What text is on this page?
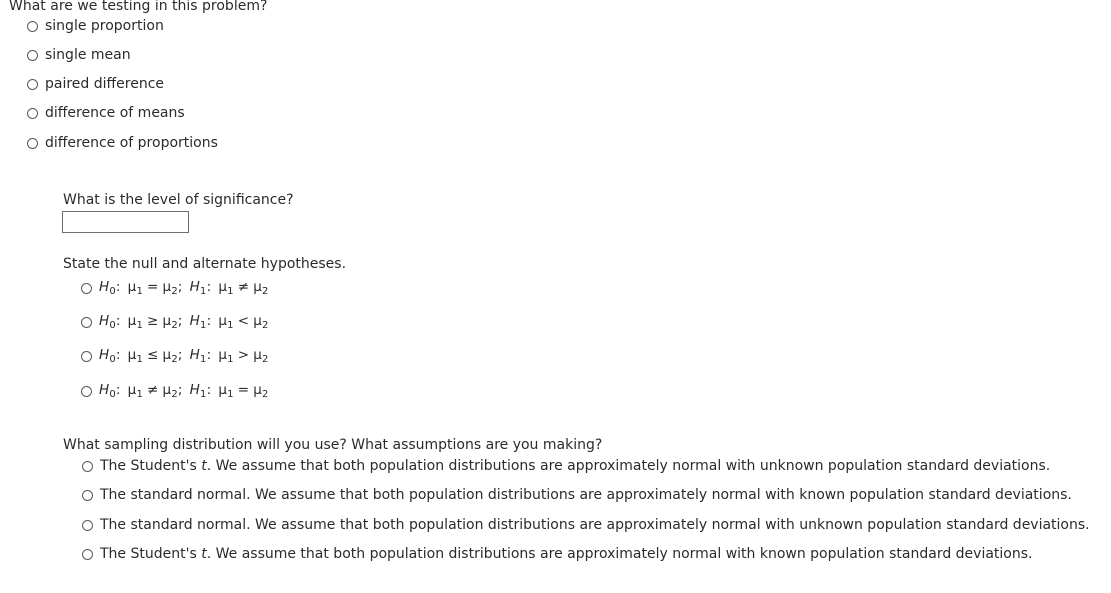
What are we testing in this problem?
single proportion
single mean
paired difference
difference of means
difference of proportions
What is the level of significance?
State the null and alternate hypotheses.
$H_0$: $\mu_1 = \mu_2$; $H_1$: $\mu_1 \ne \mu_2$
$H_0$: $\mu_1 \ge \mu_2$; $H_1$: $\mu_1 < \mu_2$
$H_0$: $\mu_1 \le \mu_2$; $H_1$: $\mu_1 > \mu_2$
$H_0$: $\mu_1 \ne \mu_2$; $H_1$: $\mu_1 = \mu_2$
What sampling distribution will you use? What assumptions are you making?
The Student's t. We assume that both population distributions are approximately normal with unknown population standard deviations.
The standard normal. We assume that both population distributions are approximately normal with known population standard deviations.
The standard normal. We assume that both population distributions are approximately normal with unknown population standard deviations.
The Student's t. We assume that both population distributions are approximately normal with known population standard deviations.
